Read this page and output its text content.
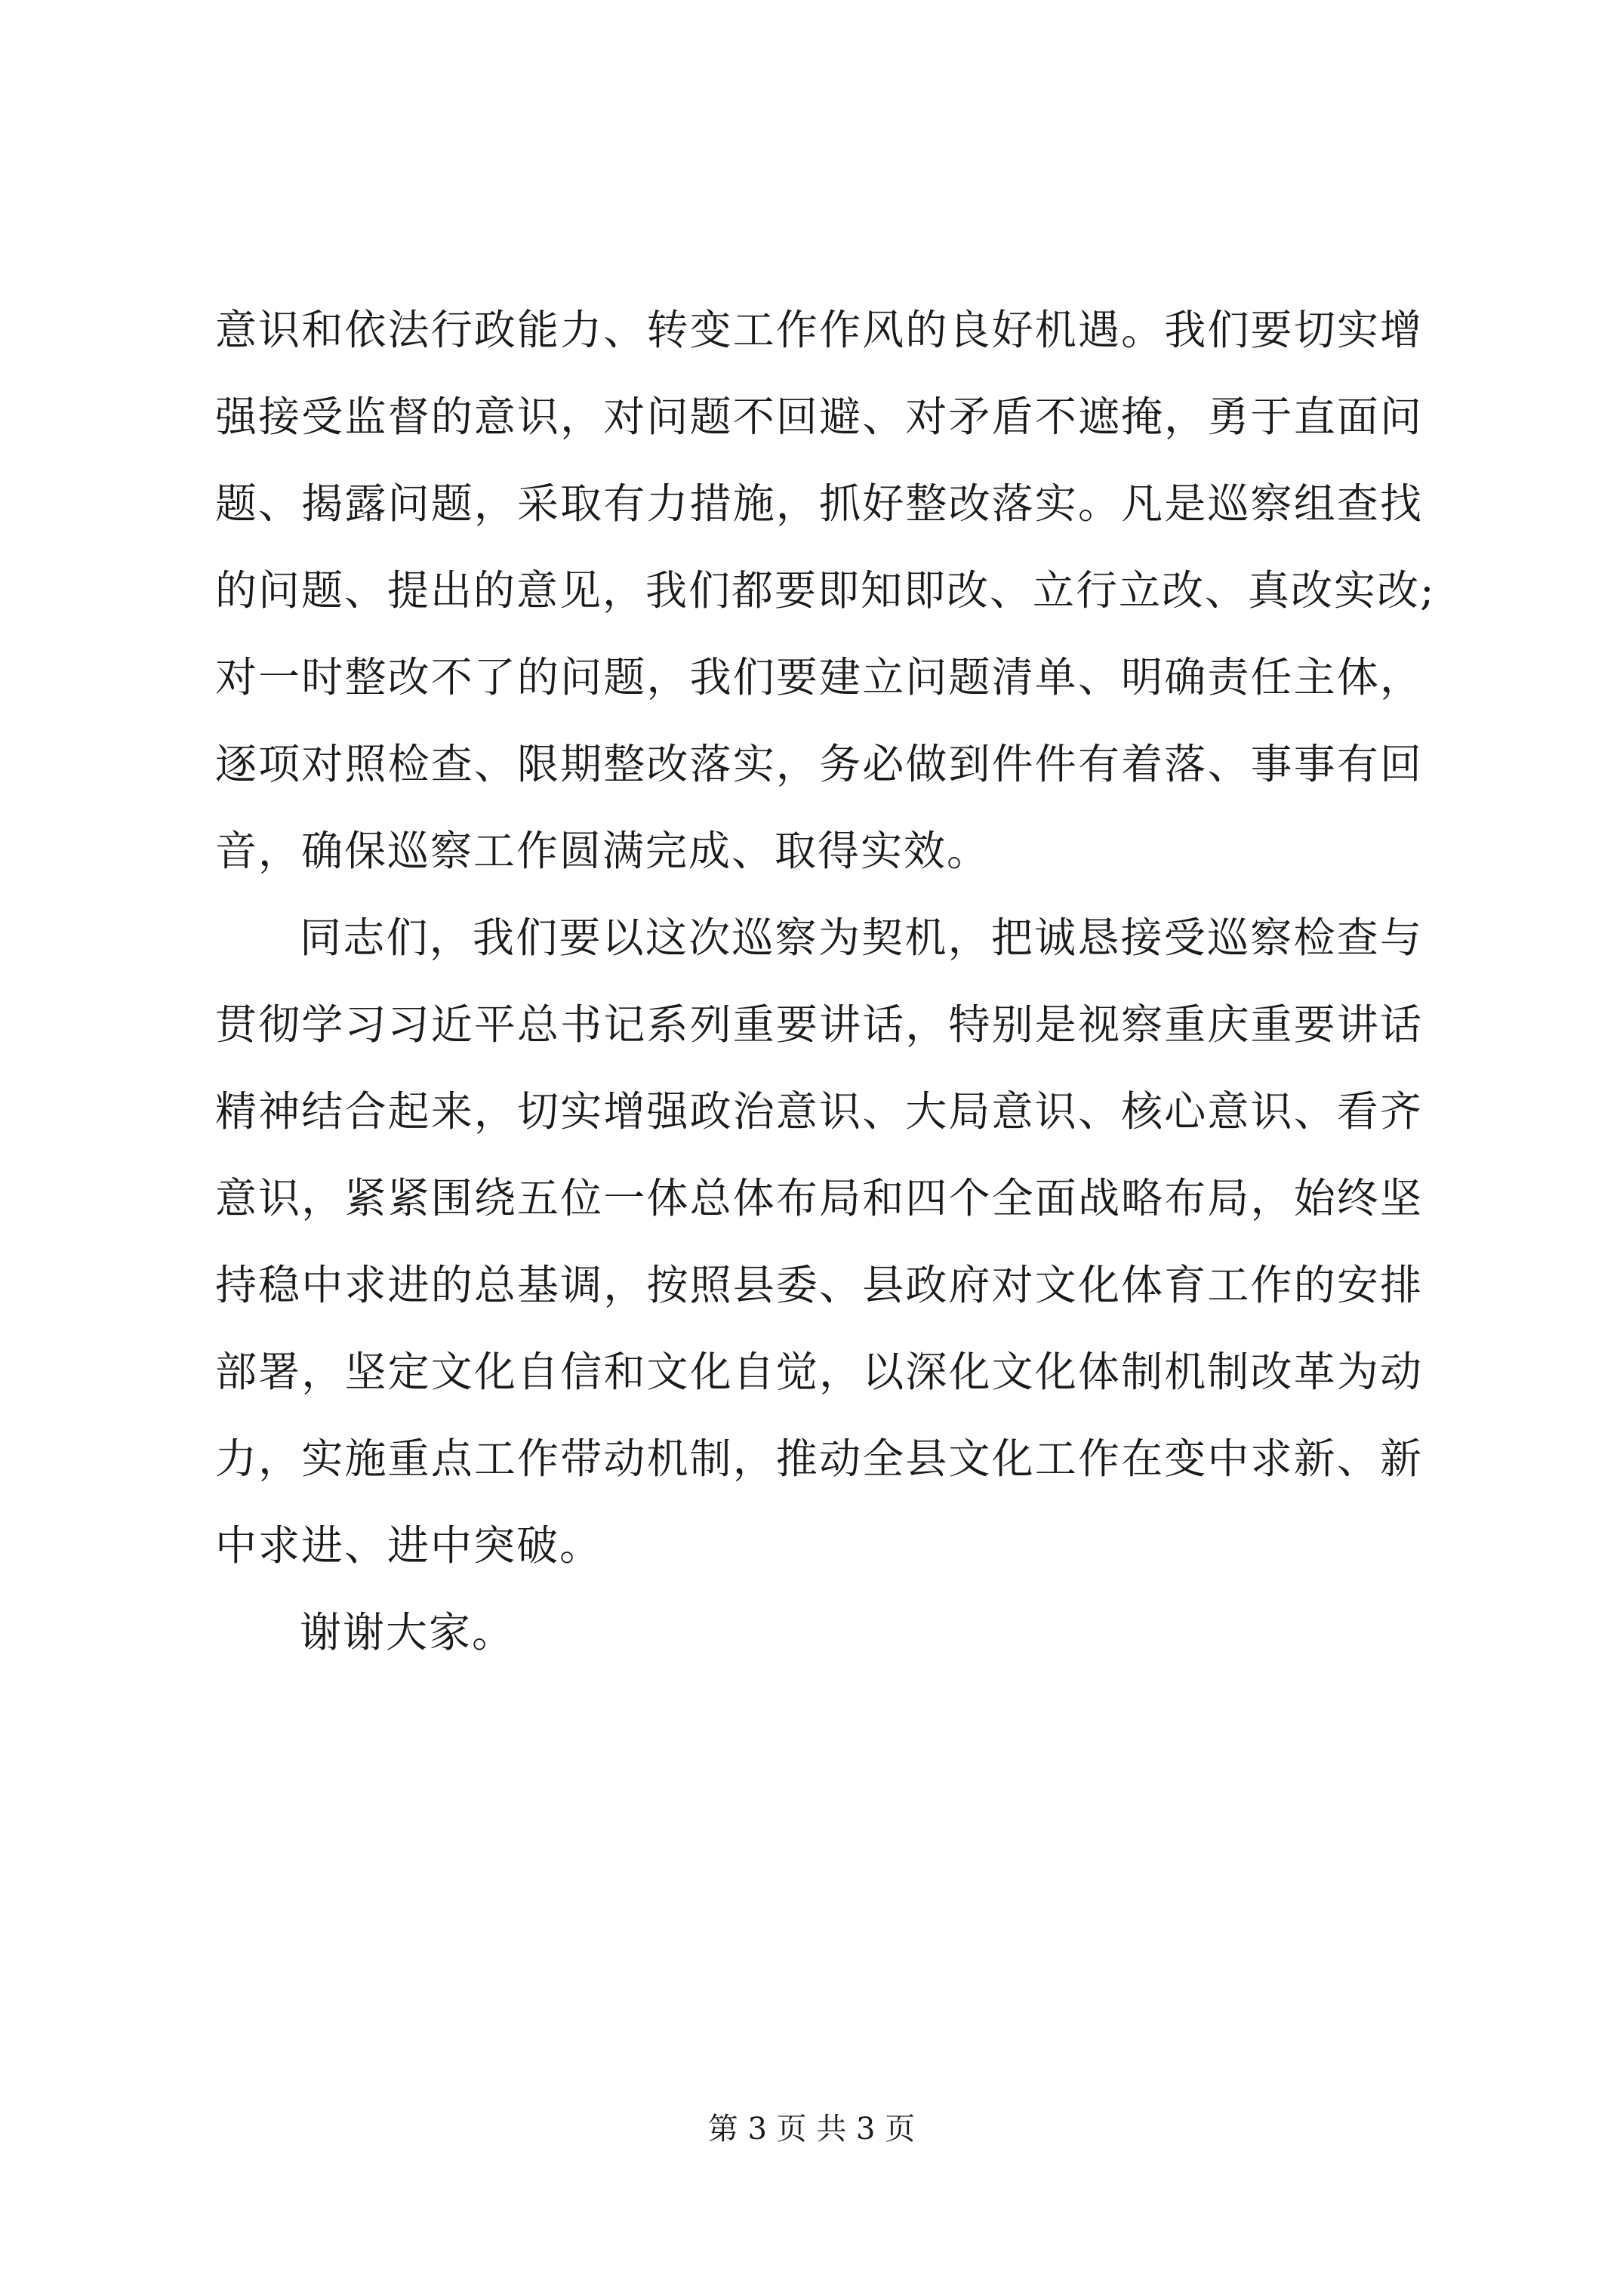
意识和依法行政能力、转变工作作风的良好机遇。我们要切实增
强接受监督的意识，对问题不回避、对矛盾不遮掩，勇于直面问
题、揭露问题，采取有力措施，抓好整改落实。凡是巡察组查找
的问题、提出的意见，我们都要即知即改、立行立改、真改实改;
对一时整改不了的问题，我们要建立问题清单、明确责任主体，
逐项对照检查、限期整改落实，务必做到件件有着落、事事有回
音，确保巡察工作圆满完成、取得实效。
同志们，我们要以这次巡察为契机，把诚恳接受巡察检查与
贯彻学习习近平总书记系列重要讲话，特别是视察重庆重要讲话
精神结合起来，切实增强政治意识、大局意识、核心意识、看齐
意识，紧紧围绕五位一体总体布局和四个全面战略布局，始终坚
持稳中求进的总基调，按照县委、县政府对文化体育工作的安排
部署，坚定文化自信和文化自觉，以深化文化体制机制改革为动
力，实施重点工作带动机制，推动全县文化工作在变中求新、新
中求进、进中突破。
谢谢大家。
第 3 页 共 3 页
